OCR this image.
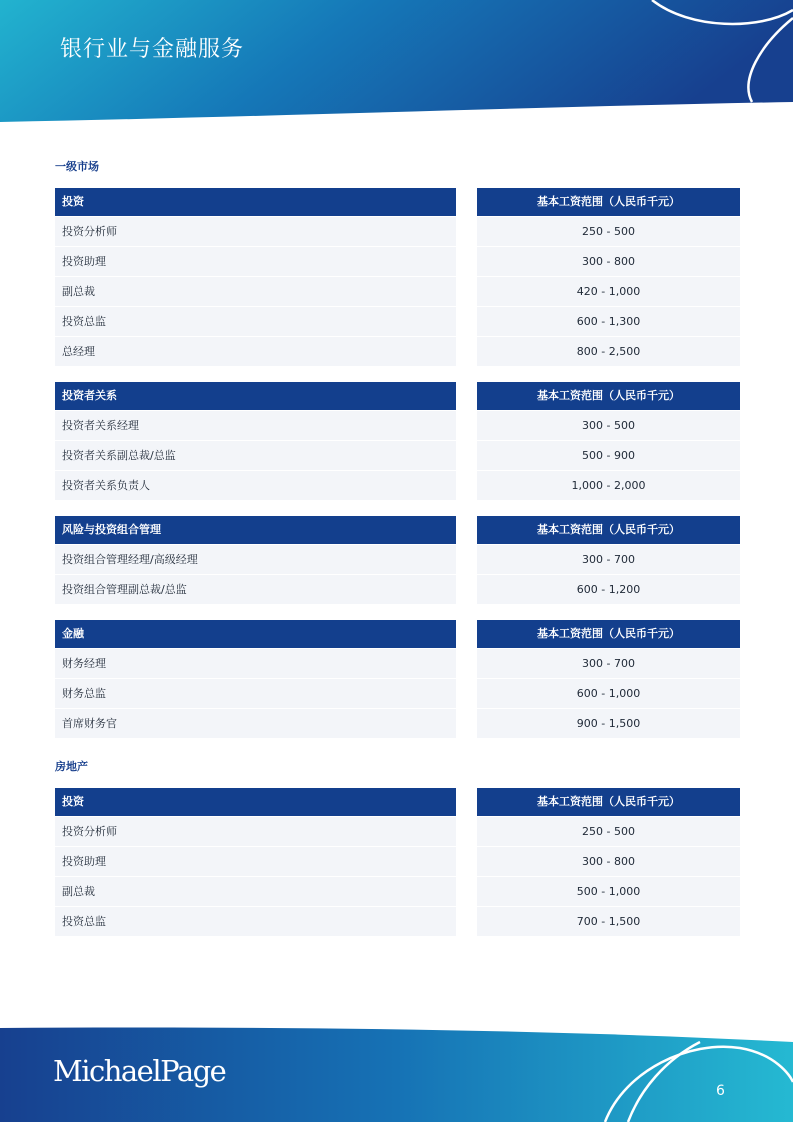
银行业与金融服务
一级市场
投资
投资分析师
投资助理
副总裁
投资总监
总经理
基本工资范围（人民币千元）
250 - 500
300 - 800
420 - 1,000
600 - 1,300
800 - 2,500
投资者关系
投资者关系经理
投资者关系副总裁/总监
投资者关系负责人
基本工资范围（人民币千元）
300 - 500
500 - 900
1,000 - 2,000
风险与投资组合管理
投资组合管理经理/高级经理
投资组合管理副总裁/总监
基本工资范围（人民币千元）
300 - 700
600 - 1,200
金融
财务经理
财务总监
首席财务官
基本工资范围（人民币千元）
300 - 700
600 - 1,000
900 - 1,500
房地产
投资
投资分析师
投资助理
副总裁
投资总监
基本工资范围（人民币千元）
250 - 500
300 - 800
500 - 1,000
700 - 1,500
MichaelPage
6
